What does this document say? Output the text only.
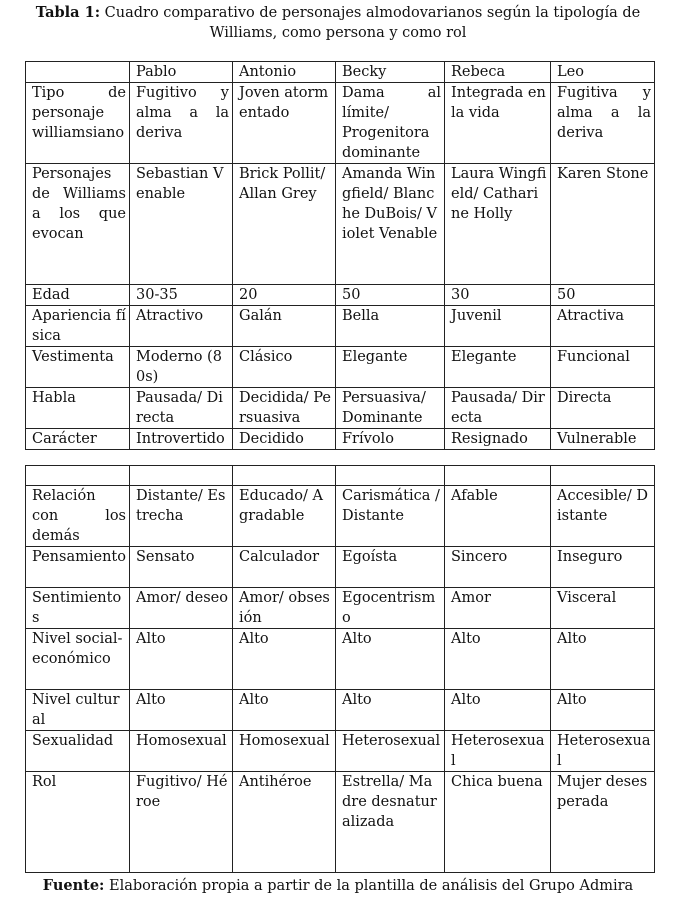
Tabla 1: Cuadro comparativo de personajes almodovarianos según la tipología de Williams, como persona y como rol
	Pablo	Antonio	Becky	Rebeca	Leo
Tipo de personaje williamsiano	Fugitivo y alma a la deriva	Joven atormentado	Dama al límite/ Progenitora dominante	Integrada en la vida	Fugitiva y alma a la deriva
Personajes de Williams a los que evocan	Sebastian Venable	Brick Pollit/ Allan Grey	Amanda Wingfield/ Blanche DuBois/ Violet Venable	Laura Wingfield/ Catharine Holly	Karen Stone
Edad	30-35	20	50	30	50
Apariencia física	Atractivo	Galán	Bella	Juvenil	Atractiva
Vestimenta	Moderno (80s)	Clásico	Elegante	Elegante	Funcional
Habla	Pausada/ Directa	Decidida/ Persuasiva	Persuasiva/ Dominante	Pausada/ Directa	Directa
Carácter	Introvertido	Decidido	Frívolo	Resignado	Vulnerable

Relación con los demás	Distante/ Estrecha	Educado/ Agradable	Carismática / Distante	Afable	Accesible/ Distante
Pensamiento	Sensato	Calculador	Egoísta	Sincero	Inseguro
Sentimientos	Amor/ deseo	Amor/ obsesión	Egocentrismo	Amor	Visceral
Nivel social-económico	Alto	Alto	Alto	Alto	Alto
Nivel cultural	Alto	Alto	Alto	Alto	Alto
Sexualidad	Homosexual	Homosexual	Heterosexual	Heterosexual	Heterosexual
Rol	Fugitivo/ Héroe	Antihéroe	Estrella/ Madre desnaturalizada	Chica buena	Mujer desesperada
Fuente: Elaboración propia a partir de la plantilla de análisis del Grupo Admira
